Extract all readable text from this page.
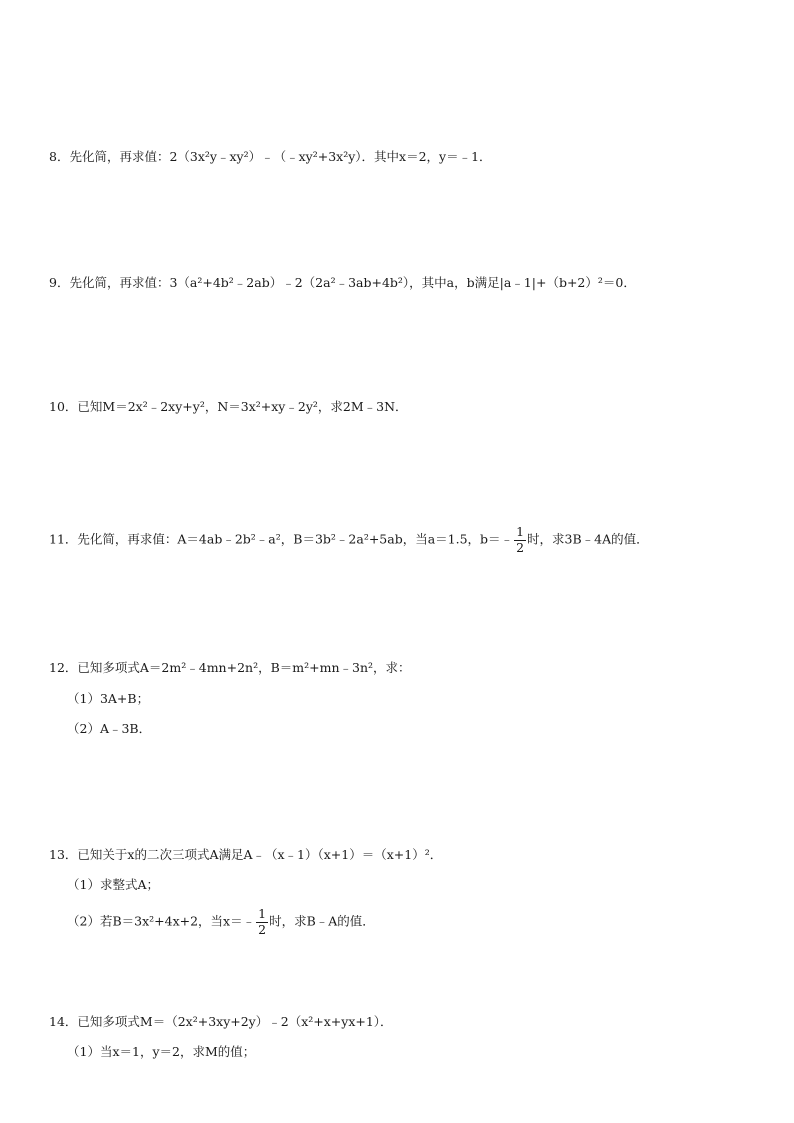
8．先化简，再求值：2（3x²y﹣xy²）﹣（﹣xy²+3x²y）．其中x＝2，y＝﹣1．
9．先化简，再求值：3（a²+4b²﹣2ab）﹣2（2a²﹣3ab+4b²），其中a，b满足|a﹣1|+（b+2）²＝0．
10．已知M＝2x²﹣2xy+y²，N＝3x²+xy﹣2y²，求2M﹣3N．
11．先化简，再求值：A＝4ab﹣2b²﹣a²，B＝3b²﹣2a²+5ab，当a＝1.5，b＝﹣ $\frac{1}{2}$ 时，求3B﹣4A的值．
12．已知多项式A＝2m²﹣4mn+2n²，B＝m²+mn﹣3n²，求：
（1）3A+B；
（2）A﹣3B．
13．已知关于x的二次三项式A满足A﹣（x﹣1）（x+1）＝（x+1）²．
（1）求整式A；
（2）若B＝3x²+4x+2，当x＝﹣ $\frac{1}{2}$ 时，求B﹣A的值．
14．已知多项式M＝（2x²+3xy+2y）﹣2（x²+x+yx+1）．
（1）当x＝1，y＝2，求M的值；
